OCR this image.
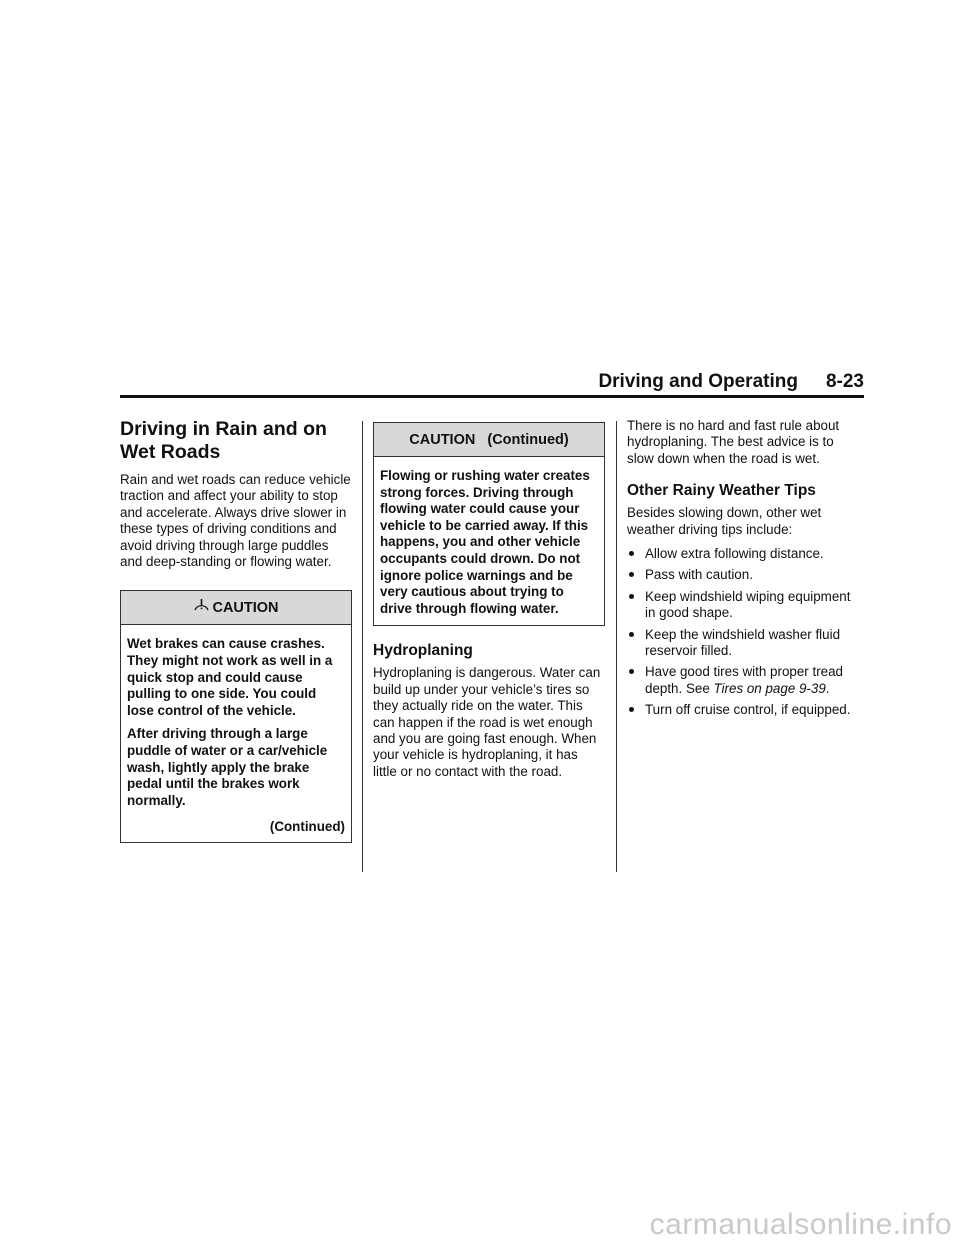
Driving and Operating 8-23
Driving in Rain and on Wet Roads

Rain and wet roads can reduce vehicle traction and affect your ability to stop and accelerate. Always drive slower in these types of driving conditions and avoid driving through large puddles and deep-standing or flowing water.

CAUTION

Wet brakes can cause crashes. They might not work as well in a quick stop and could cause pulling to one side. You could lose control of the vehicle.

After driving through a large puddle of water or a car/vehicle wash, lightly apply the brake pedal until the brakes work normally.

(Continued)
CAUTION (Continued)

Flowing or rushing water creates strong forces. Driving through flowing water could cause your vehicle to be carried away. If this happens, you and other vehicle occupants could drown. Do not ignore police warnings and be very cautious about trying to drive through flowing water.

Hydroplaning

Hydroplaning is dangerous. Water can build up under your vehicle’s tires so they actually ride on the water. This can happen if the road is wet enough and you are going fast enough. When your vehicle is hydroplaning, it has little or no contact with the road.

There is no hard and fast rule about hydroplaning. The best advice is to slow down when the road is wet.

Other Rainy Weather Tips

Besides slowing down, other wet weather driving tips include:

Allow extra following distance.
Pass with caution.
Keep windshield wiping equipment in good shape.
Keep the windshield washer fluid reservoir filled.
Have good tires with proper tread depth. See Tires on page 9-39.
Turn off cruise control, if equipped.
carmanualsonline.info
